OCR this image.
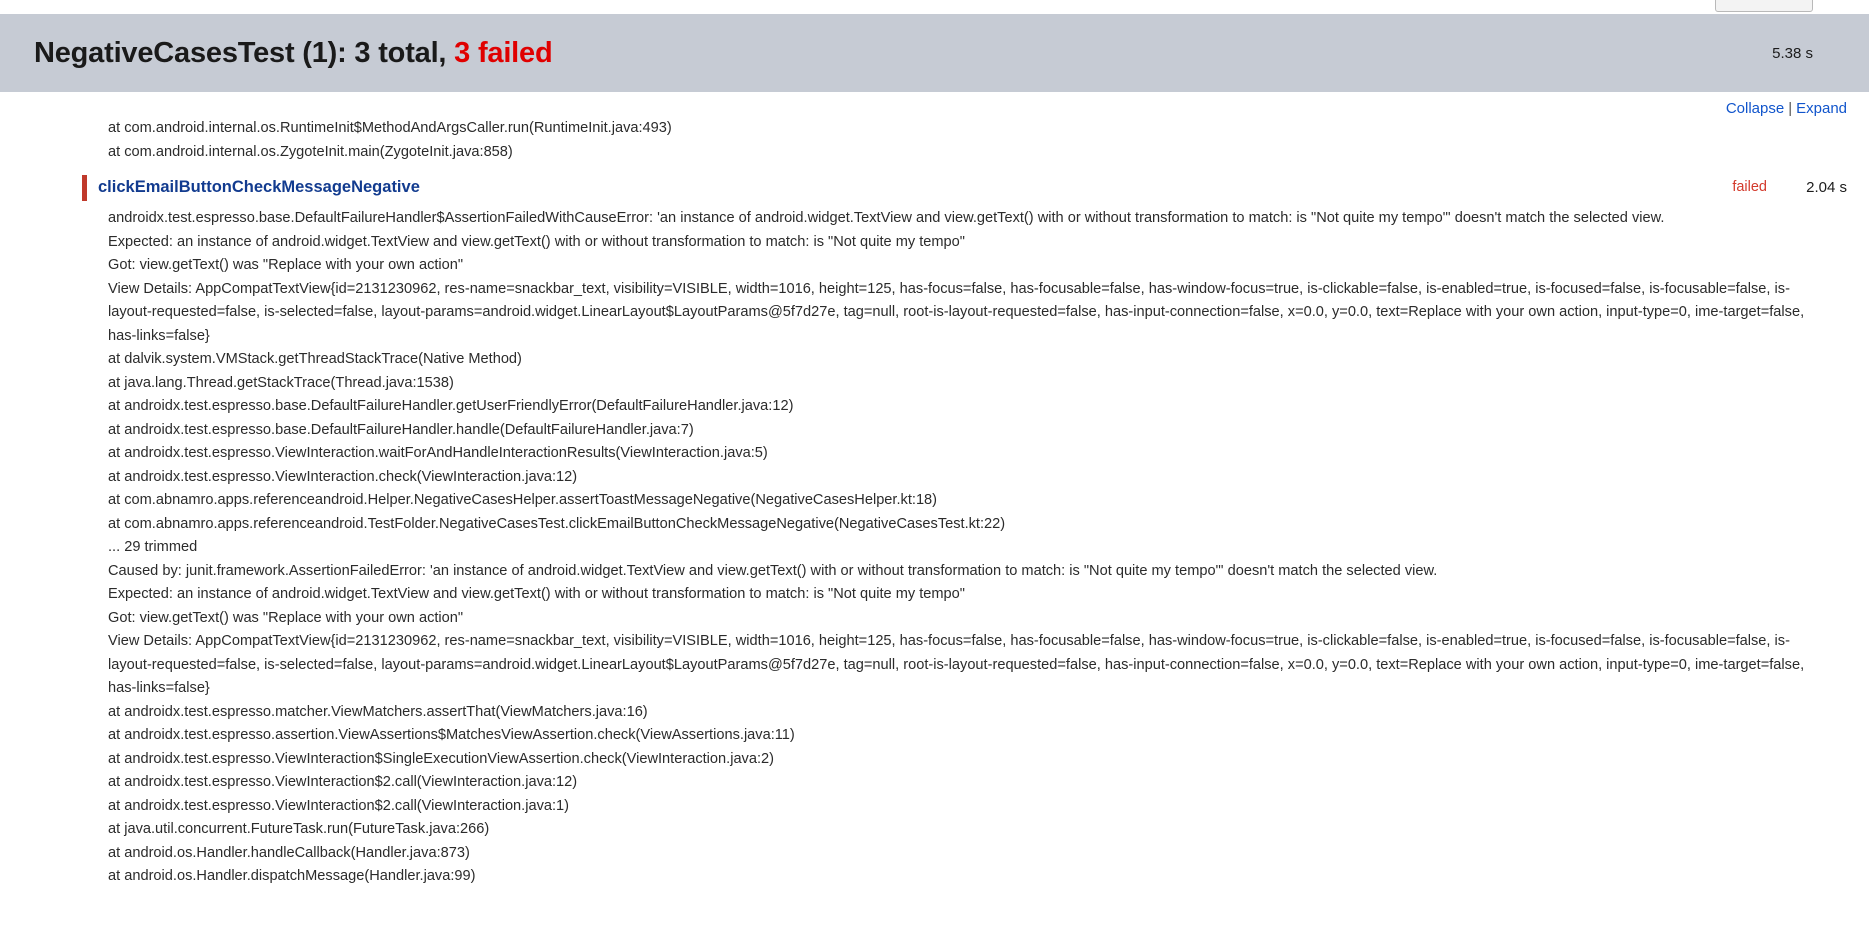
NegativeCasesTest (1): 3 total, 3 failed	5.38 s
Collapse | Expand
at com.android.internal.os.RuntimeInit$MethodAndArgsCaller.run(RuntimeInit.java:493)
at com.android.internal.os.ZygoteInit.main(ZygoteInit.java:858)
clickEmailButtonCheckMessageNegative	failed	2.04 s
androidx.test.espresso.base.DefaultFailureHandler$AssertionFailedWithCauseError: 'an instance of android.widget.TextView and view.getText() with or without transformation to match: is "Not quite my tempo"' doesn't match the selected view.
Expected: an instance of android.widget.TextView and view.getText() with or without transformation to match: is "Not quite my tempo"
Got: view.getText() was "Replace with your own action"
View Details: AppCompatTextView{id=2131230962, res-name=snackbar_text, visibility=VISIBLE, width=1016, height=125, has-focus=false, has-focusable=false, has-window-focus=true, is-clickable=false, is-enabled=true, is-focused=false, is-focusable=false, is-layout-requested=false, is-selected=false, layout-params=android.widget.LinearLayout$LayoutParams@5f7d27e, tag=null, root-is-layout-requested=false, has-input-connection=false, x=0.0, y=0.0, text=Replace with your own action, input-type=0, ime-target=false, has-links=false}
at dalvik.system.VMStack.getThreadStackTrace(Native Method)
at java.lang.Thread.getStackTrace(Thread.java:1538)
at androidx.test.espresso.base.DefaultFailureHandler.getUserFriendlyError(DefaultFailureHandler.java:12)
at androidx.test.espresso.base.DefaultFailureHandler.handle(DefaultFailureHandler.java:7)
at androidx.test.espresso.ViewInteraction.waitForAndHandleInteractionResults(ViewInteraction.java:5)
at androidx.test.espresso.ViewInteraction.check(ViewInteraction.java:12)
at com.abnamro.apps.referenceandroid.Helper.NegativeCasesHelper.assertToastMessageNegative(NegativeCasesHelper.kt:18)
at com.abnamro.apps.referenceandroid.TestFolder.NegativeCasesTest.clickEmailButtonCheckMessageNegative(NegativeCasesTest.kt:22)
... 29 trimmed
Caused by: junit.framework.AssertionFailedError: 'an instance of android.widget.TextView and view.getText() with or without transformation to match: is "Not quite my tempo"' doesn't match the selected view.
Expected: an instance of android.widget.TextView and view.getText() with or without transformation to match: is "Not quite my tempo"
Got: view.getText() was "Replace with your own action"
View Details: AppCompatTextView{id=2131230962, res-name=snackbar_text, visibility=VISIBLE, width=1016, height=125, has-focus=false, has-focusable=false, has-window-focus=true, is-clickable=false, is-enabled=true, is-focused=false, is-focusable=false, is-layout-requested=false, is-selected=false, layout-params=android.widget.LinearLayout$LayoutParams@5f7d27e, tag=null, root-is-layout-requested=false, has-input-connection=false, x=0.0, y=0.0, text=Replace with your own action, input-type=0, ime-target=false, has-links=false}
at androidx.test.espresso.matcher.ViewMatchers.assertThat(ViewMatchers.java:16)
at androidx.test.espresso.assertion.ViewAssertions$MatchesViewAssertion.check(ViewAssertions.java:11)
at androidx.test.espresso.ViewInteraction$SingleExecutionViewAssertion.check(ViewInteraction.java:2)
at androidx.test.espresso.ViewInteraction$2.call(ViewInteraction.java:12)
at androidx.test.espresso.ViewInteraction$2.call(ViewInteraction.java:1)
at java.util.concurrent.FutureTask.run(FutureTask.java:266)
at android.os.Handler.handleCallback(Handler.java:873)
at android.os.Handler.dispatchMessage(Handler.java:99)
